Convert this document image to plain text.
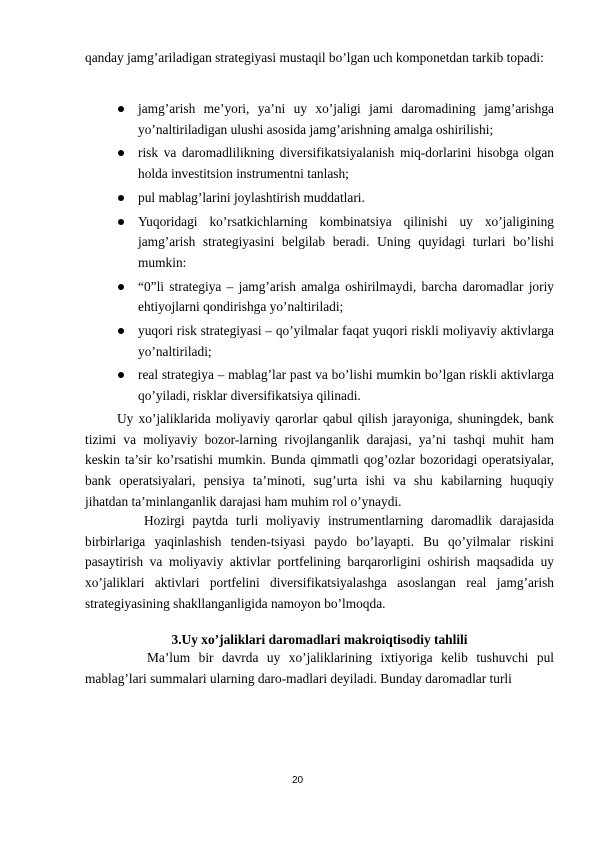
qanday jamg’ariladigan strategiyasi mustaqil bo’lgan uch komponetdan tarkib topadi:
jamg’arish me’yori, ya’ni uy xo’jaligi jami daromadining jamg’arishga yo’naltiriladigan ulushi asosida jamg’arishning amalga oshirilishi;
risk va daromadlilikning diversifikatsiyalanish miq-dorlarini hisobga olgan holda investitsion instrumentni tanlash;
pul mablag’larini joylashtirish muddatlari.
Yuqoridagi ko’rsatkichlarning kombinatsiya qilinishi uy xo’jaligining jamg’arish strategiyasini belgilab beradi. Uning quyidagi turlari bo’lishi mumkin:
“0”li strategiya – jamg’arish amalga oshirilmaydi, barcha daromadlar joriy ehtiyojlarni qondirishga yo’naltiriladi;
yuqori risk strategiyasi – qo’yilmalar faqat yuqori riskli moliyaviy aktivlarga yo’naltiriladi;
real strategiya – mablag’lar past va bo’lishi mumkin bo’lgan riskli aktivlarga qo’yiladi, risklar diversifikatsiya qilinadi.
Uy xo’jaliklarida moliyaviy qarorlar qabul qilish jarayoniga, shuningdek, bank tizimi va moliyaviy bozor-larning rivojlanganlik darajasi, ya’ni tashqi muhit ham keskin ta’sir ko’rsatishi mumkin. Bunda qimmatli qog’ozlar bozoridagi operatsiyalar, bank operatsiyalari, pensiya ta’minoti, sug’urta ishi va shu kabilarning huquqiy jihatdan ta’minlanganlik darajasi ham muhim rol o’ynaydi.
Hozirgi paytda turli moliyaviy instrumentlarning daromadlik darajasida birbirlariga yaqinlashish tenden-tsiyasi paydo bo’layapti. Bu qo’yilmalar riskini pasaytirish va moliyaviy aktivlar portfelining barqarorligini oshirish maqsadida uy xo’jaliklari aktivlari portfelini diversifikatsiyalashga asoslangan real jamg’arish strategiyasining shakllanganligida namoyon bo’lmoqda.
3.Uy xo’jaliklari daromadlari makroiqtisodiy tahlili
Ma’lum bir davrda uy xo’jaliklarining ixtiyoriga kelib tushuvchi pul mablag’lari summalari ularning daro-madlari deyiladi. Bunday daromadlar turli
20
